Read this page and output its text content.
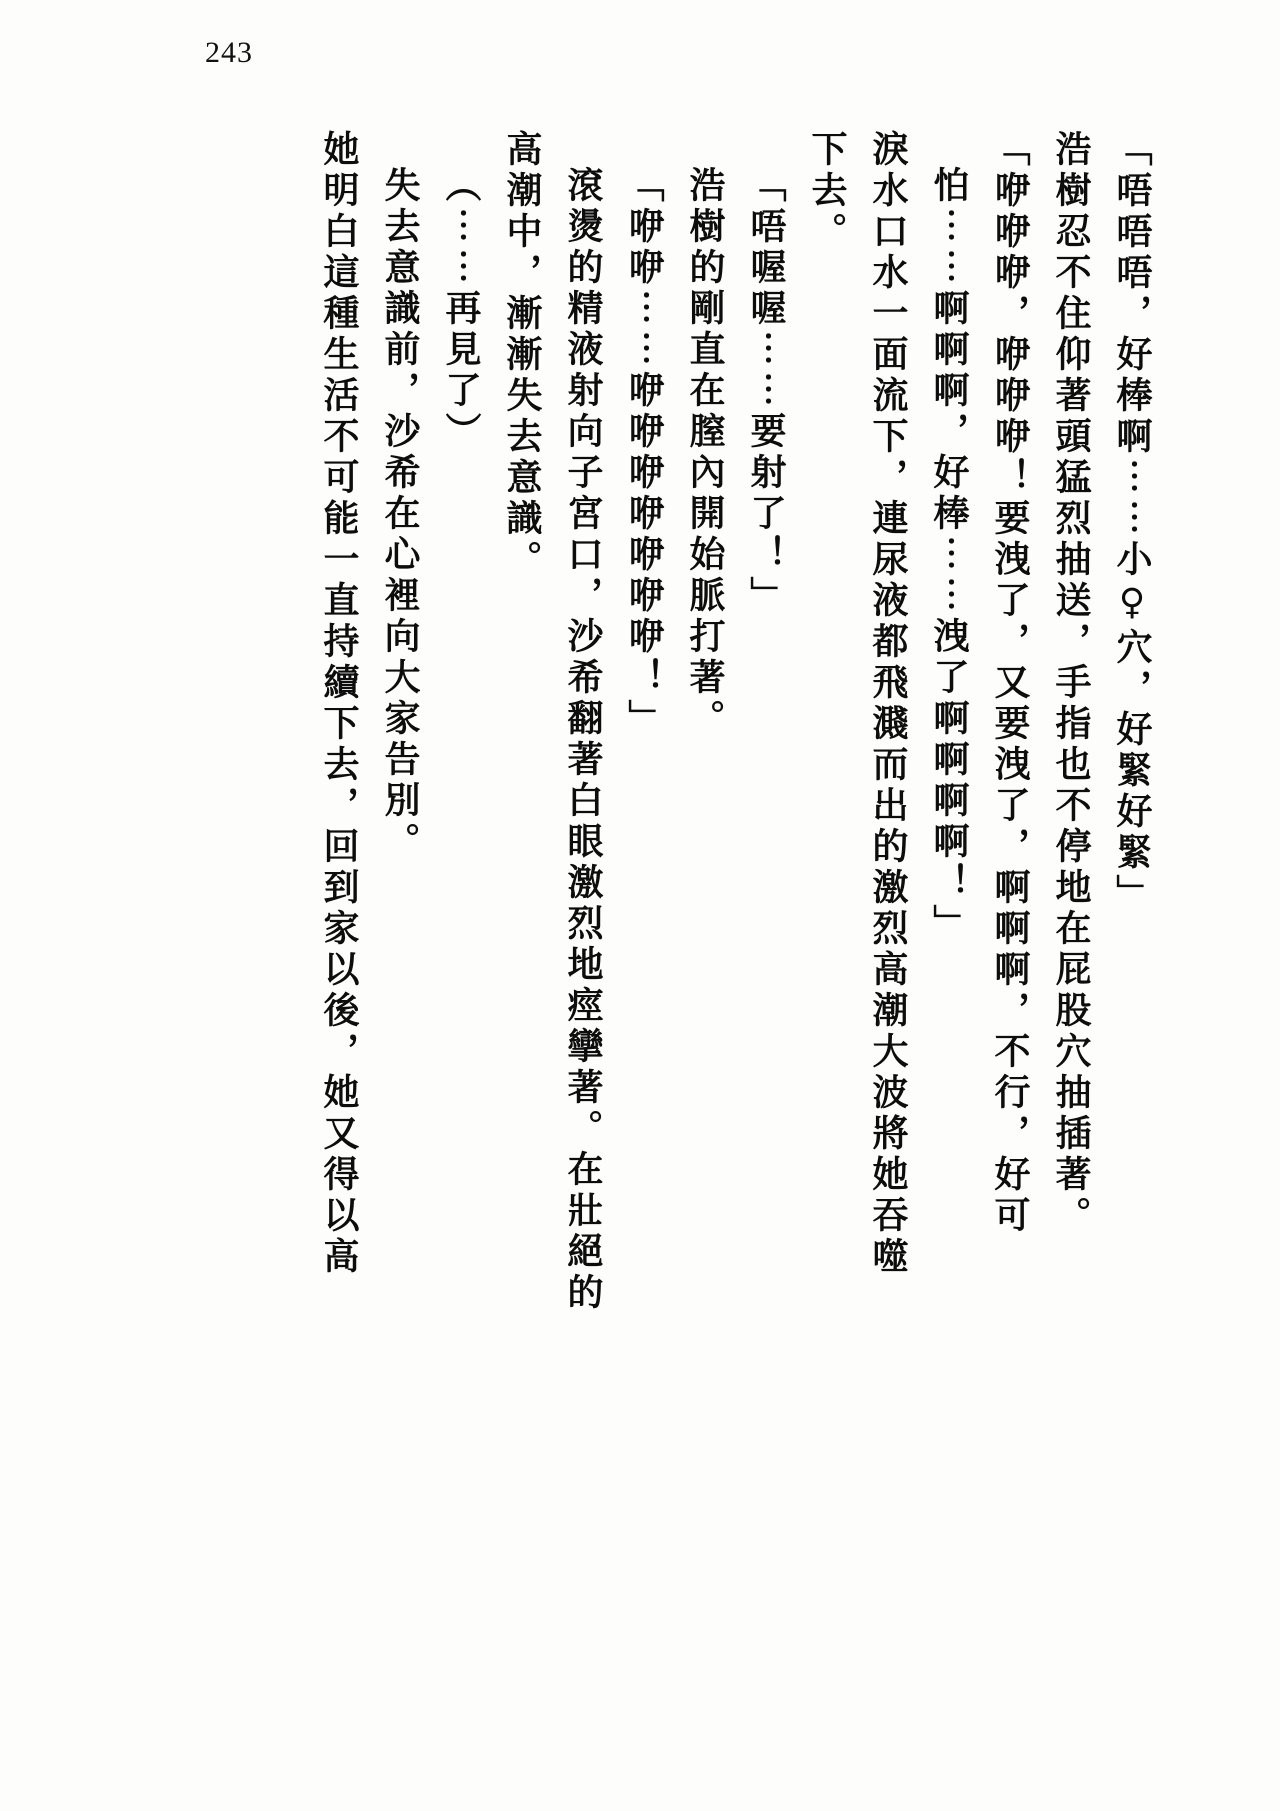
243
「唔唔唔，好棒啊⋯⋯小♀穴，好緊好緊」
浩樹忍不住仰著頭猛烈抽送，手指也不停地在屁股穴抽插著。
「咿咿咿，咿咿咿！要洩了，又要洩了，啊啊啊，不行，好可
怕⋯⋯啊啊啊，好棒⋯⋯洩了啊啊啊啊！」
淚水口水一面流下，連尿液都飛濺而出的激烈高潮大波將她吞噬
下去。
「唔喔喔⋯⋯要射了！」
浩樹的剛直在膣內開始脈打著。
「咿咿⋯⋯咿咿咿咿咿咿咿！」
滾燙的精液射向子宮口，沙希翻著白眼激烈地痙攣著。在壯絕的
高潮中，漸漸失去意識。
（⋯⋯再見了）
失去意識前，沙希在心裡向大家告別。
她明白這種生活不可能一直持續下去，回到家以後，她又得以高
